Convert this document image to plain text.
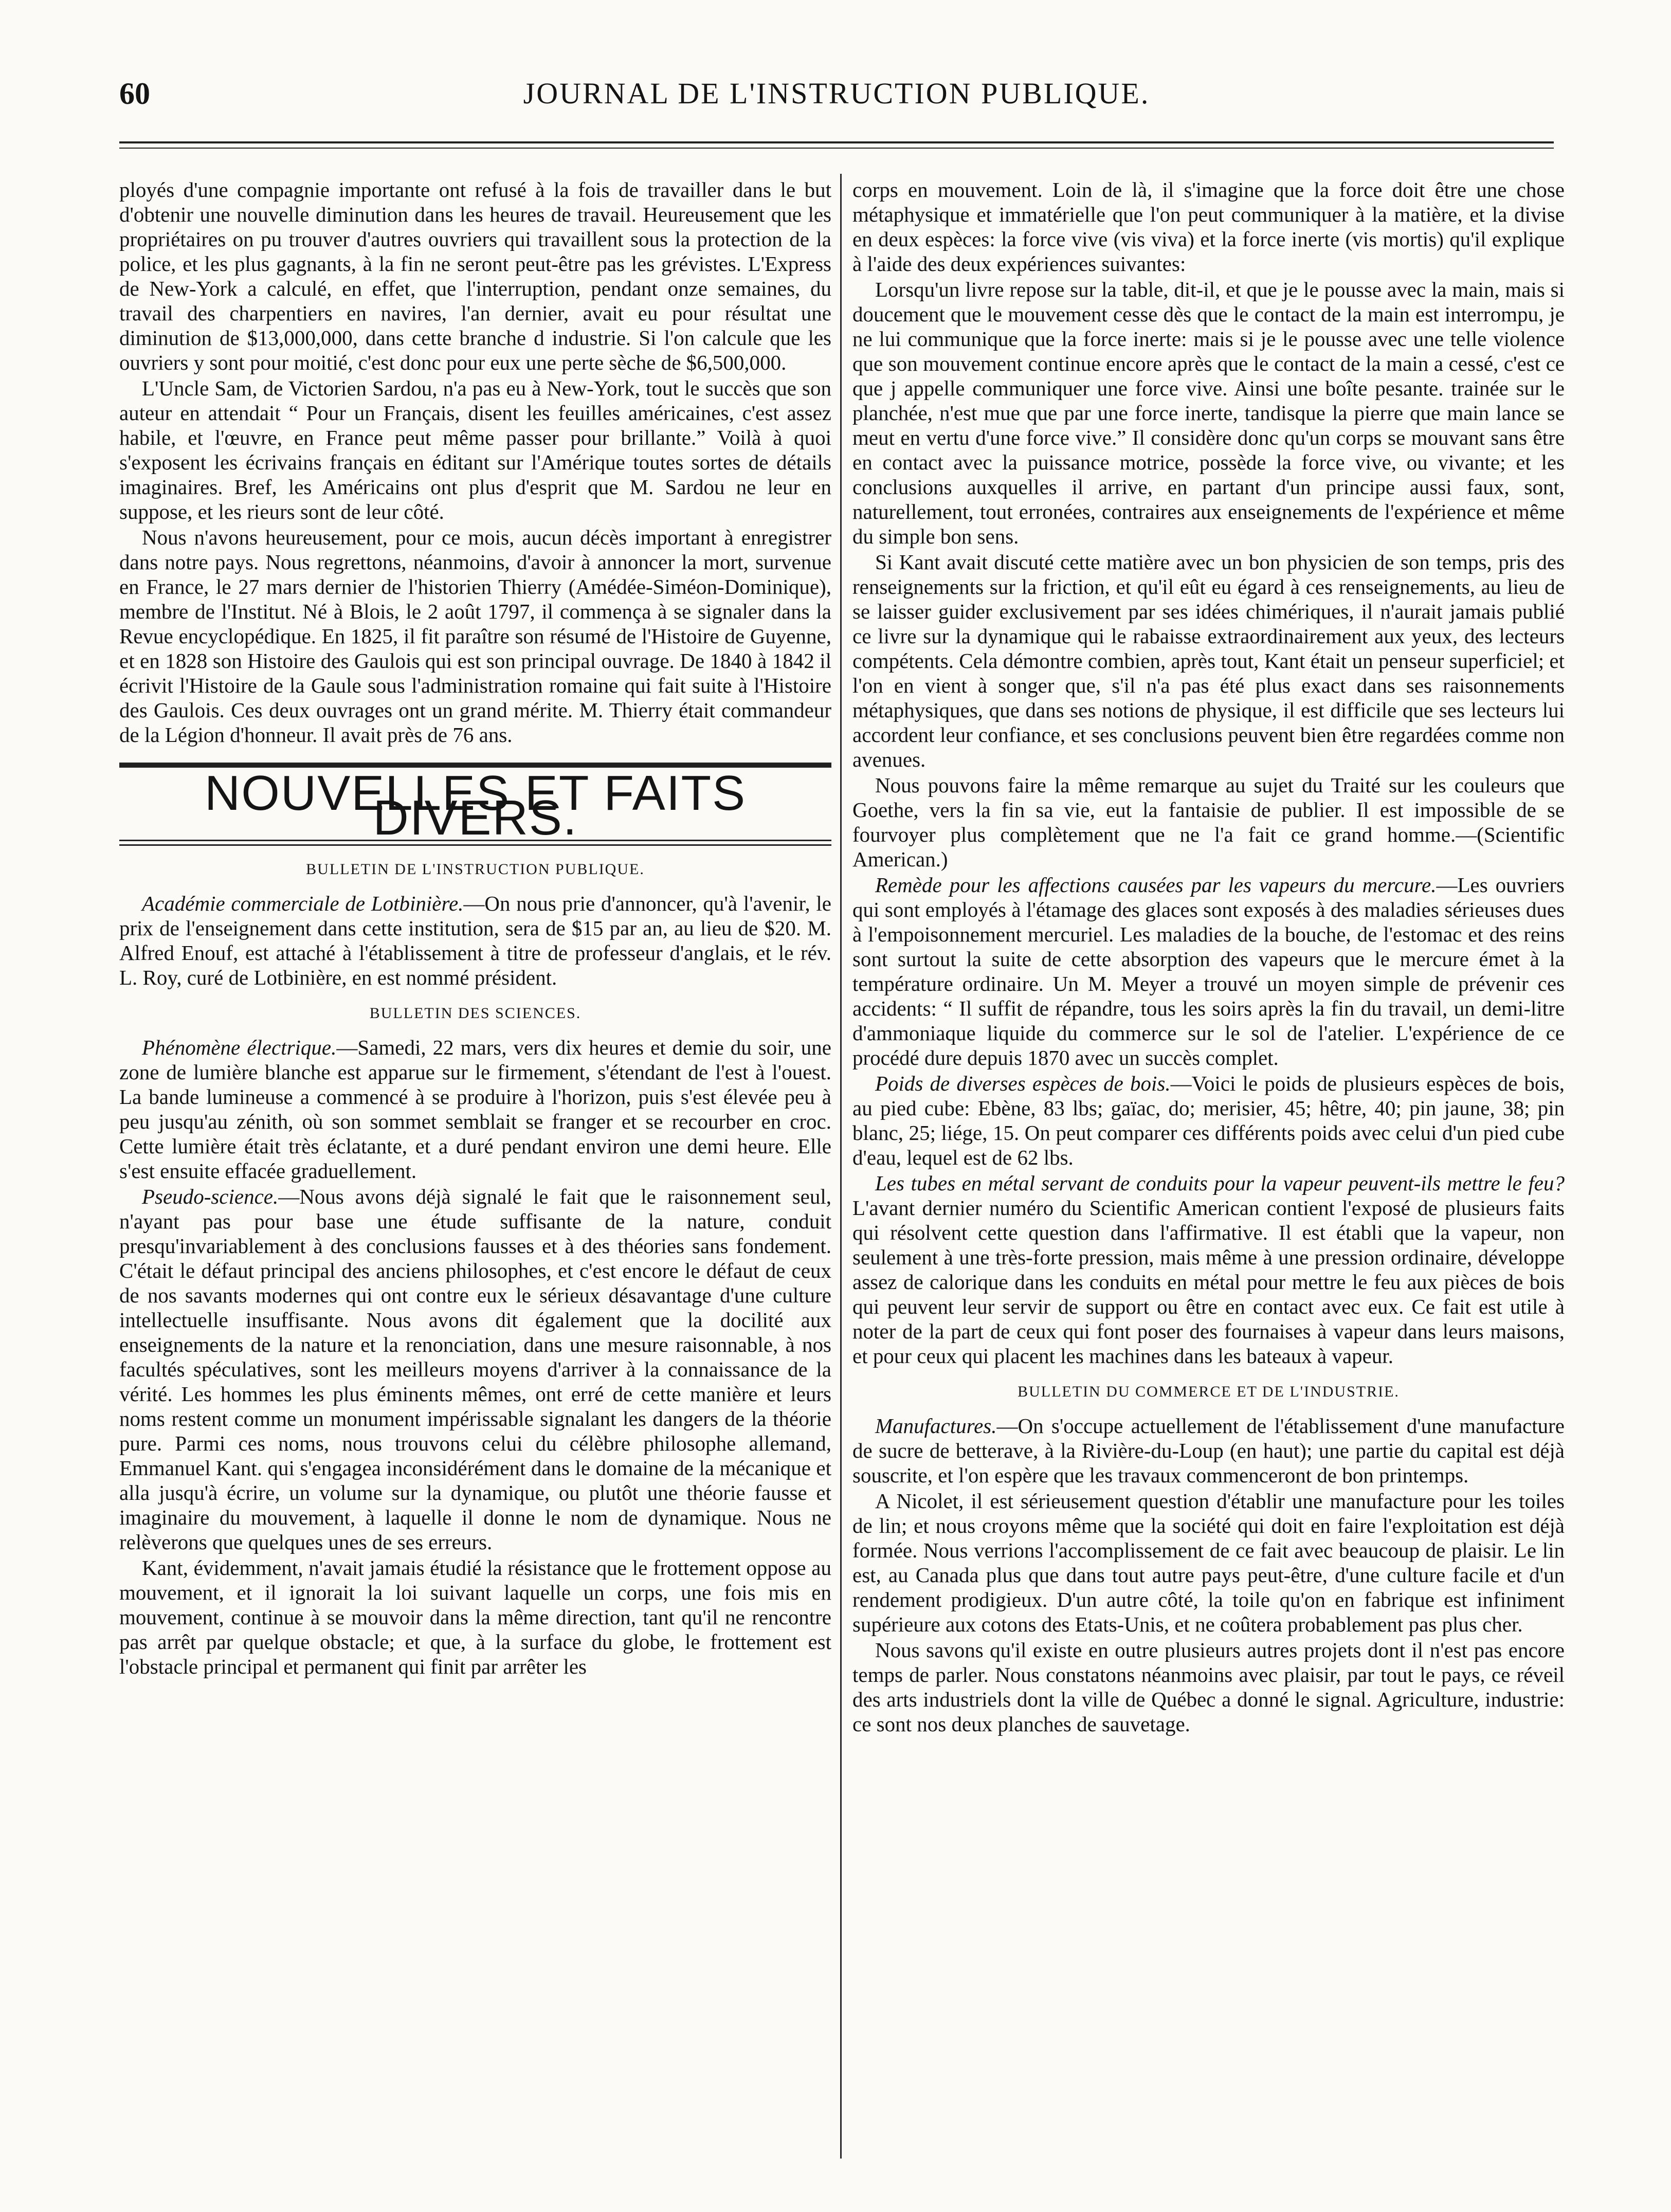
60	JOURNAL DE L'INSTRUCTION PUBLIQUE.

ployés d'une compagnie importante ont refusé à la fois de travailler dans le but d'obtenir une nouvelle diminution dans les heures de travail. Heureusement que les propriétaires on pu trouver d'autres ouvriers qui travaillent sous la protection de la police, et les plus gagnants, à la fin ne seront peut-être pas les grévistes. L'Express de New-York a calculé, en effet, que l'interruption, pendant onze semaines, du travail des charpentiers en navires, l'an dernier, avait eu pour résultat une diminution de $13,000,000, dans cette branche d industrie. Si l'on calcule que les ouvriers y sont pour moitié, c'est donc pour eux une perte sèche de $6,500,000.

L'Uncle Sam, de Victorien Sardou, n'a pas eu à New-York, tout le succès que son auteur en attendait “ Pour un Français, disent les feuilles américaines, c'est assez habile, et l'œuvre, en France peut même passer pour brillante.” Voilà à quoi s'exposent les écrivains français en éditant sur l'Amérique toutes sortes de détails imaginaires. Bref, les Américains ont plus d'esprit que M. Sardou ne leur en suppose, et les rieurs sont de leur côté.

Nous n'avons heureusement, pour ce mois, aucun décès important à enregistrer dans notre pays. Nous regrettons, néanmoins, d'avoir à annoncer la mort, survenue en France, le 27 mars dernier de l'historien Thierry (Amédée-Siméon-Dominique), membre de l'Institut. Né à Blois, le 2 août 1797, il commença à se signaler dans la Revue encyclopédique. En 1825, il fit paraître son résumé de l'Histoire de Guyenne, et en 1828 son Histoire des Gaulois qui est son principal ouvrage. De 1840 à 1842 il écrivit l'Histoire de la Gaule sous l'administration romaine qui fait suite à l'Histoire des Gaulois. Ces deux ouvrages ont un grand mérite. M. Thierry était commandeur de la Légion d'honneur. Il avait près de 76 ans.

NOUVELLES ET FAITS DIVERS.
BULLETIN DE L'INSTRUCTION PUBLIQUE.

Académie commerciale de Lotbinière.—On nous prie d'annoncer, qu'à l'avenir, le prix de l'enseignement dans cette institution, sera de $15 par an, au lieu de $20. M. Alfred Enouf, est attaché à l'établissement à titre de professeur d'anglais, et le rév. L. Roy, curé de Lotbinière, en est nommé président.

BULLETIN DES SCIENCES.

Phénomène électrique.—Samedi, 22 mars, vers dix heures et demie du soir, une zone de lumière blanche est apparue sur le firmement, s'étendant de l'est à l'ouest. La bande lumineuse a commencé à se produire à l'horizon, puis s'est élevée peu à peu jusqu'au zénith, où son sommet semblait se franger et se recourber en croc. Cette lumière était très éclatante, et a duré pendant environ une demi heure. Elle s'est ensuite effacée graduellement.

Pseudo-science.—Nous avons déjà signalé le fait que le raisonnement seul, n'ayant pas pour base une étude suffisante de la nature, conduit presqu'invariablement à des conclusions fausses et à des théories sans fondement. C'était le défaut principal des anciens philosophes, et c'est encore le défaut de ceux de nos savants modernes qui ont contre eux le sérieux désavantage d'une culture intellectuelle insuffisante. Nous avons dit également que la docilité aux enseignements de la nature et la renonciation, dans une mesure raisonnable, à nos facultés spéculatives, sont les meilleurs moyens d'arriver à la connaissance de la vérité. Les hommes les plus éminents mêmes, ont erré de cette manière et leurs noms restent comme un monument impérissable signalant les dangers de la théorie pure. Parmi ces noms, nous trouvons celui du célèbre philosophe allemand, Emmanuel Kant. qui s'engagea inconsidérément dans le domaine de la mécanique et alla jusqu'à écrire, un volume sur la dynamique, ou plutôt une théorie fausse et imaginaire du mouvement, à laquelle il donne le nom de dynamique. Nous ne relèverons que quelques unes de ses erreurs.

Kant, évidemment, n'avait jamais étudié la résistance que le frottement oppose au mouvement, et il ignorait la loi suivant laquelle un corps, une fois mis en mouvement, continue à se mouvoir dans la même direction, tant qu'il ne rencontre pas arrêt par quelque obstacle; et que, à la surface du globe, le frottement est l'obstacle principal et permanent qui finit par arrêter les

corps en mouvement. Loin de là, il s'imagine que la force doit être une chose métaphysique et immatérielle que l'on peut communiquer à la matière, et la divise en deux espèces: la force vive (vis viva) et la force inerte (vis mortis) qu'il explique à l'aide des deux expériences suivantes:

Lorsqu'un livre repose sur la table, dit-il, et que je le pousse avec la main, mais si doucement que le mouvement cesse dès que le contact de la main est interrompu, je ne lui communique que la force inerte: mais si je le pousse avec une telle violence que son mouvement continue encore après que le contact de la main a cessé, c'est ce que j appelle communiquer une force vive. Ainsi une boîte pesante. trainée sur le planchée, n'est mue que par une force inerte, tandisque la pierre que main lance se meut en vertu d'une force vive.” Il considère donc qu'un corps se mouvant sans être en contact avec la puissance motrice, possède la force vive, ou vivante; et les conclusions auxquelles il arrive, en partant d'un principe aussi faux, sont, naturellement, tout erronées, contraires aux enseignements de l'expérience et même du simple bon sens.

Si Kant avait discuté cette matière avec un bon physicien de son temps, pris des renseignements sur la friction, et qu'il eût eu égard à ces renseignements, au lieu de se laisser guider exclusivement par ses idées chimériques, il n'aurait jamais publié ce livre sur la dynamique qui le rabaisse extraordinairement aux yeux, des lecteurs compétents. Cela démontre combien, après tout, Kant était un penseur superficiel; et l'on en vient à songer que, s'il n'a pas été plus exact dans ses raisonnements métaphysiques, que dans ses notions de physique, il est difficile que ses lecteurs lui accordent leur confiance, et ses conclusions peuvent bien être regardées comme non avenues.

Nous pouvons faire la même remarque au sujet du Traité sur les couleurs que Goethe, vers la fin sa vie, eut la fantaisie de publier. Il est impossible de se fourvoyer plus complètement que ne l'a fait ce grand homme.—(Scientific American.)

Remède pour les affections causées par les vapeurs du mercure.—Les ouvriers qui sont employés à l'étamage des glaces sont exposés à des maladies sérieuses dues à l'empoisonnement mercuriel. Les maladies de la bouche, de l'estomac et des reins sont surtout la suite de cette absorption des vapeurs que le mercure émet à la température ordinaire. Un M. Meyer a trouvé un moyen simple de prévenir ces accidents: “ Il suffit de répandre, tous les soirs après la fin du travail, un demi-litre d'ammoniaque liquide du commerce sur le sol de l'atelier. L'expérience de ce procédé dure depuis 1870 avec un succès complet.

Poids de diverses espèces de bois.—Voici le poids de plusieurs espèces de bois, au pied cube: Ebène, 83 lbs; gaïac, do; merisier, 45; hêtre, 40; pin jaune, 38; pin blanc, 25; liége, 15. On peut comparer ces différents poids avec celui d'un pied cube d'eau, lequel est de 62 lbs.

Les tubes en métal servant de conduits pour la vapeur peuvent-ils mettre le feu? L'avant dernier numéro du Scientific American contient l'exposé de plusieurs faits qui résolvent cette question dans l'affirmative. Il est établi que la vapeur, non seulement à une très-forte pression, mais même à une pression ordinaire, développe assez de calorique dans les conduits en métal pour mettre le feu aux pièces de bois qui peuvent leur servir de support ou être en contact avec eux. Ce fait est utile à noter de la part de ceux qui font poser des fournaises à vapeur dans leurs maisons, et pour ceux qui placent les machines dans les bateaux à vapeur.

BULLETIN DU COMMERCE ET DE L'INDUSTRIE.

Manufactures.—On s'occupe actuellement de l'établissement d'une manufacture de sucre de betterave, à la Rivière-du-Loup (en haut); une partie du capital est déjà souscrite, et l'on espère que les travaux commenceront de bon printemps.

A Nicolet, il est sérieusement question d'établir une manufacture pour les toiles de lin; et nous croyons même que la société qui doit en faire l'exploitation est déjà formée. Nous verrions l'accomplissement de ce fait avec beaucoup de plaisir. Le lin est, au Canada plus que dans tout autre pays peut-être, d'une culture facile et d'un rendement prodigieux. D'un autre côté, la toile qu'on en fabrique est infiniment supérieure aux cotons des Etats-Unis, et ne coûtera probablement pas plus cher.

Nous savons qu'il existe en outre plusieurs autres projets dont il n'est pas encore temps de parler. Nous constatons néanmoins avec plaisir, par tout le pays, ce réveil des arts industriels dont la ville de Québec a donné le signal. Agriculture, industrie: ce sont nos deux planches de sauvetage.
